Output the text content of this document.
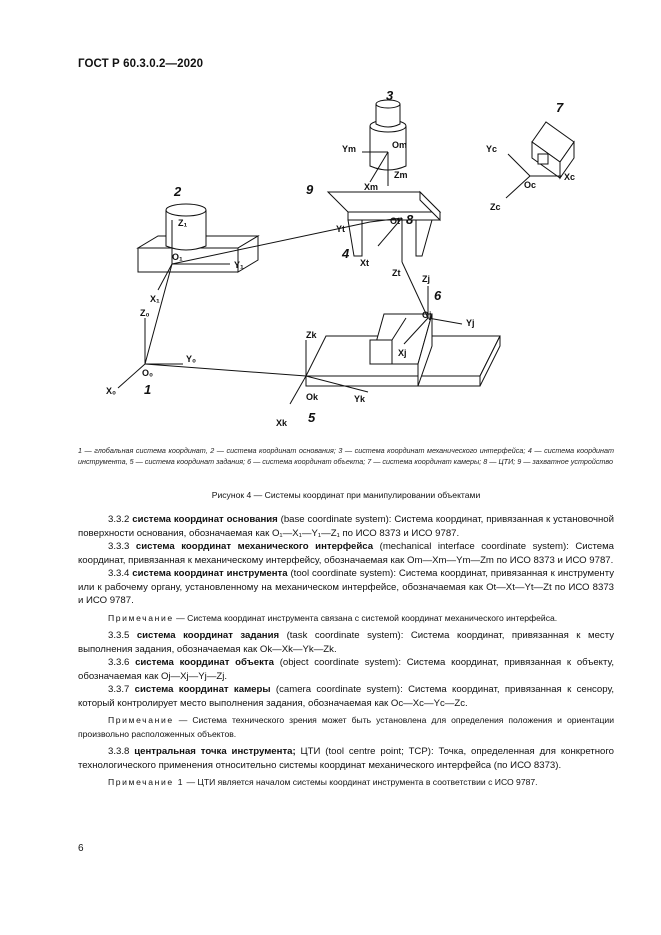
ГОСТ Р 60.3.0.2—2020
1
2
3
4
5
6
7
8
9
Z₀
Y₀
X₀
O₀
Z₁
Y₁
X₁
O₁
Ym	Om
Zm
Xm
Yt
Ot
Xt
Zt
Zj
Yj
Oj
Xj
Zk
Ok	Yk
Xk
Yc
Xc
Oc
Zc
1 — глобальная система координат, 2 — система координат основания; 3 — система координат механического интерфейса; 4 — система координат инструмента, 5 — система координат задания; 6 — система координат объекта; 7 — система координат камеры; 8 — ЦТИ; 9 — захватное устройство
Рисунок 4 — Системы координат при манипулировании объектами

3.3.2 система координат основания (base coordinate system): Система координат, привязанная к установочной поверхности основания, обозначаемая как O₁—X₁—Y₁—Z₁ по ИСО 8373 и ИСО 9787.

3.3.3 система координат механического интерфейса (mechanical interface coordinate system): Система координат, привязанная к механическому интерфейсу, обозначаемая как Om—Xm—Ym—Zm по ИСО 8373 и ИСО 9787.

3.3.4 система координат инструмента (tool coordinate system): Система координат, привязанная к инструменту или к рабочему органу, установленному на механическом интерфейсе, обозначаемая как Ot—Xt—Yt—Zt по ИСО 8373 и ИСО 9787.

Примечание — Система координат инструмента связана с системой координат механического интерфейса.

3.3.5 система координат задания (task coordinate system): Система координат, привязанная к месту выполнения задания, обозначаемая как Ok—Xk—Yk—Zk.

3.3.6 система координат объекта (object coordinate system): Система координат, привязанная к объекту, обозначаемая как Oj—Xj—Yj—Zj.

3.3.7 система координат камеры (camera coordinate system): Система координат, привязанная к сенсору, который контролирует место выполнения задания, обозначаемая как Oc—Xc—Yc—Zc.

Примечание — Система технического зрения может быть установлена для определения положения и ориентации произвольно расположенных объектов.

3.3.8 центральная точка инструмента; ЦТИ (tool centre point; TCP): Точка, определенная для конкретного технологического применения относительно системы координат механического интерфейса (по ИСО 8373).

Примечание 1 — ЦТИ является началом системы координат инструмента в соответствии с ИСО 9787.

6
